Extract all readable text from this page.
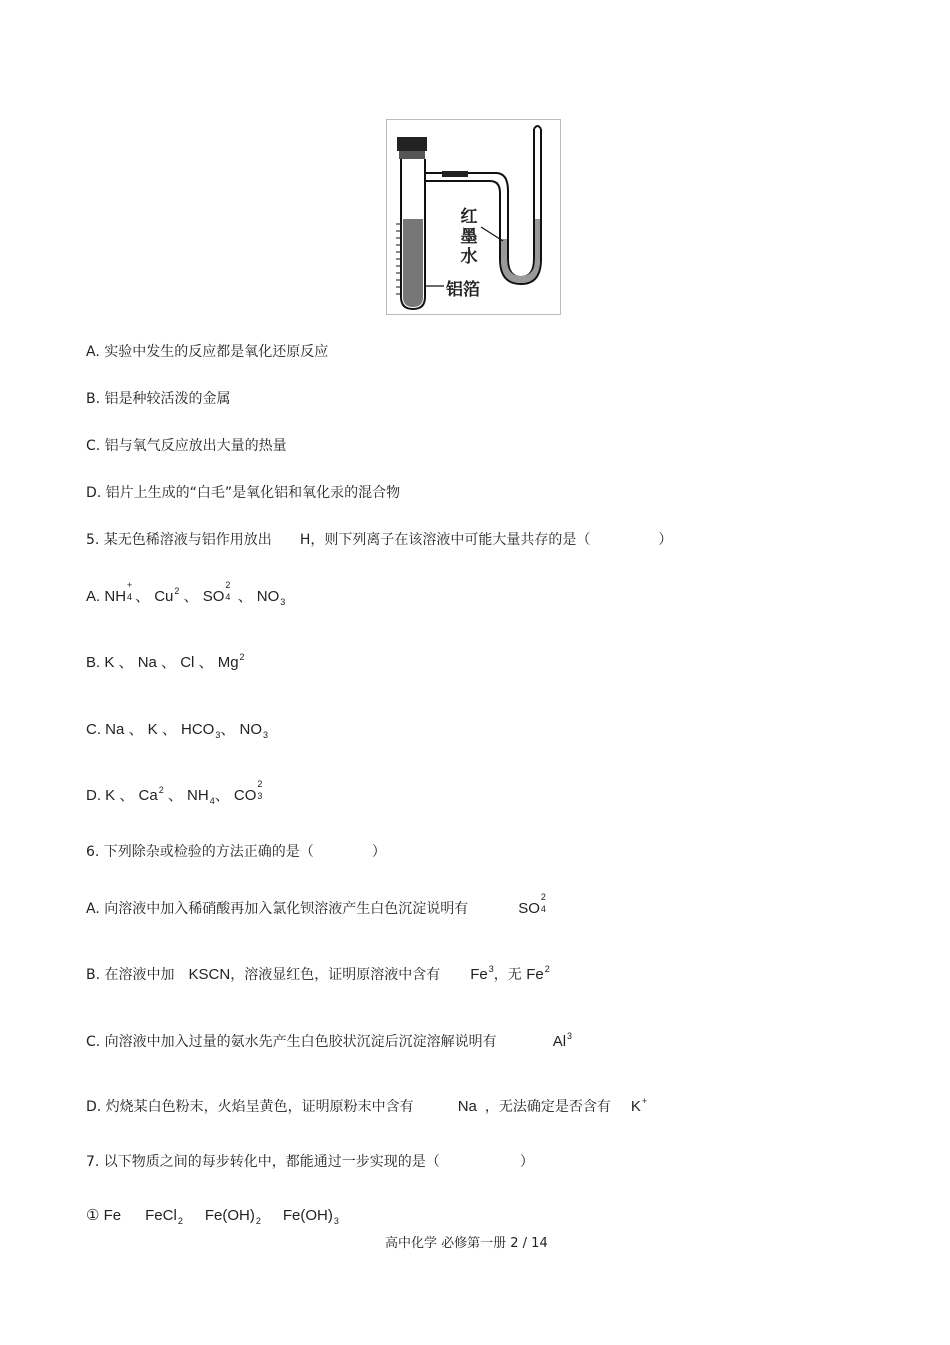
红
墨
水
铝箔
A. 实验中发生的反应都是氧化还原反应
B. 铝是种较活泼的金属
C. 铝与氧气反应放出大量的热量
D. 铝片上生成的“白毛”是氧化铝和氧化汞的混合物
5. 某无色稀溶液与铝作用放出 H，则下列离子在该溶液中可能大量共存的是（	）
A. NH
+
4 、 Cu$^2$ 、 SO
2
4 、 $NO_3$
B. K 、 Na 、 Cl 、 Mg$^2$
C. Na 、 K 、 $HCO_3$、 $NO_3$
D. K 、 Ca$^2$ 、 $NH_4$、 CO
2
3
6. 下列除杂或检验的方法正确的是（	）
A. 向溶液中加入稀硝酸再加入氯化钡溶液产生白色沉淀说明有	SO
2
4
B. 在溶液中加 KSCN，溶液显红色，证明原溶液中含有 Fe$^3$，无 Fe$^2$
C. 向溶液中加入过量的氨水先产生白色胶状沉淀后沉淀溶解说明有	Al$^3$
D. 灼烧某白色粉末，火焰呈黄色，证明原粉末中含有	Na ，无法确定是否含有 K+
7. 以下物质之间的每步转化中，都能通过一步实现的是（	）
① Fe FeCl$_2$ $Fe(OH)_2$ $Fe(OH)_3$
高中化学 必修第一册 2 / 14
